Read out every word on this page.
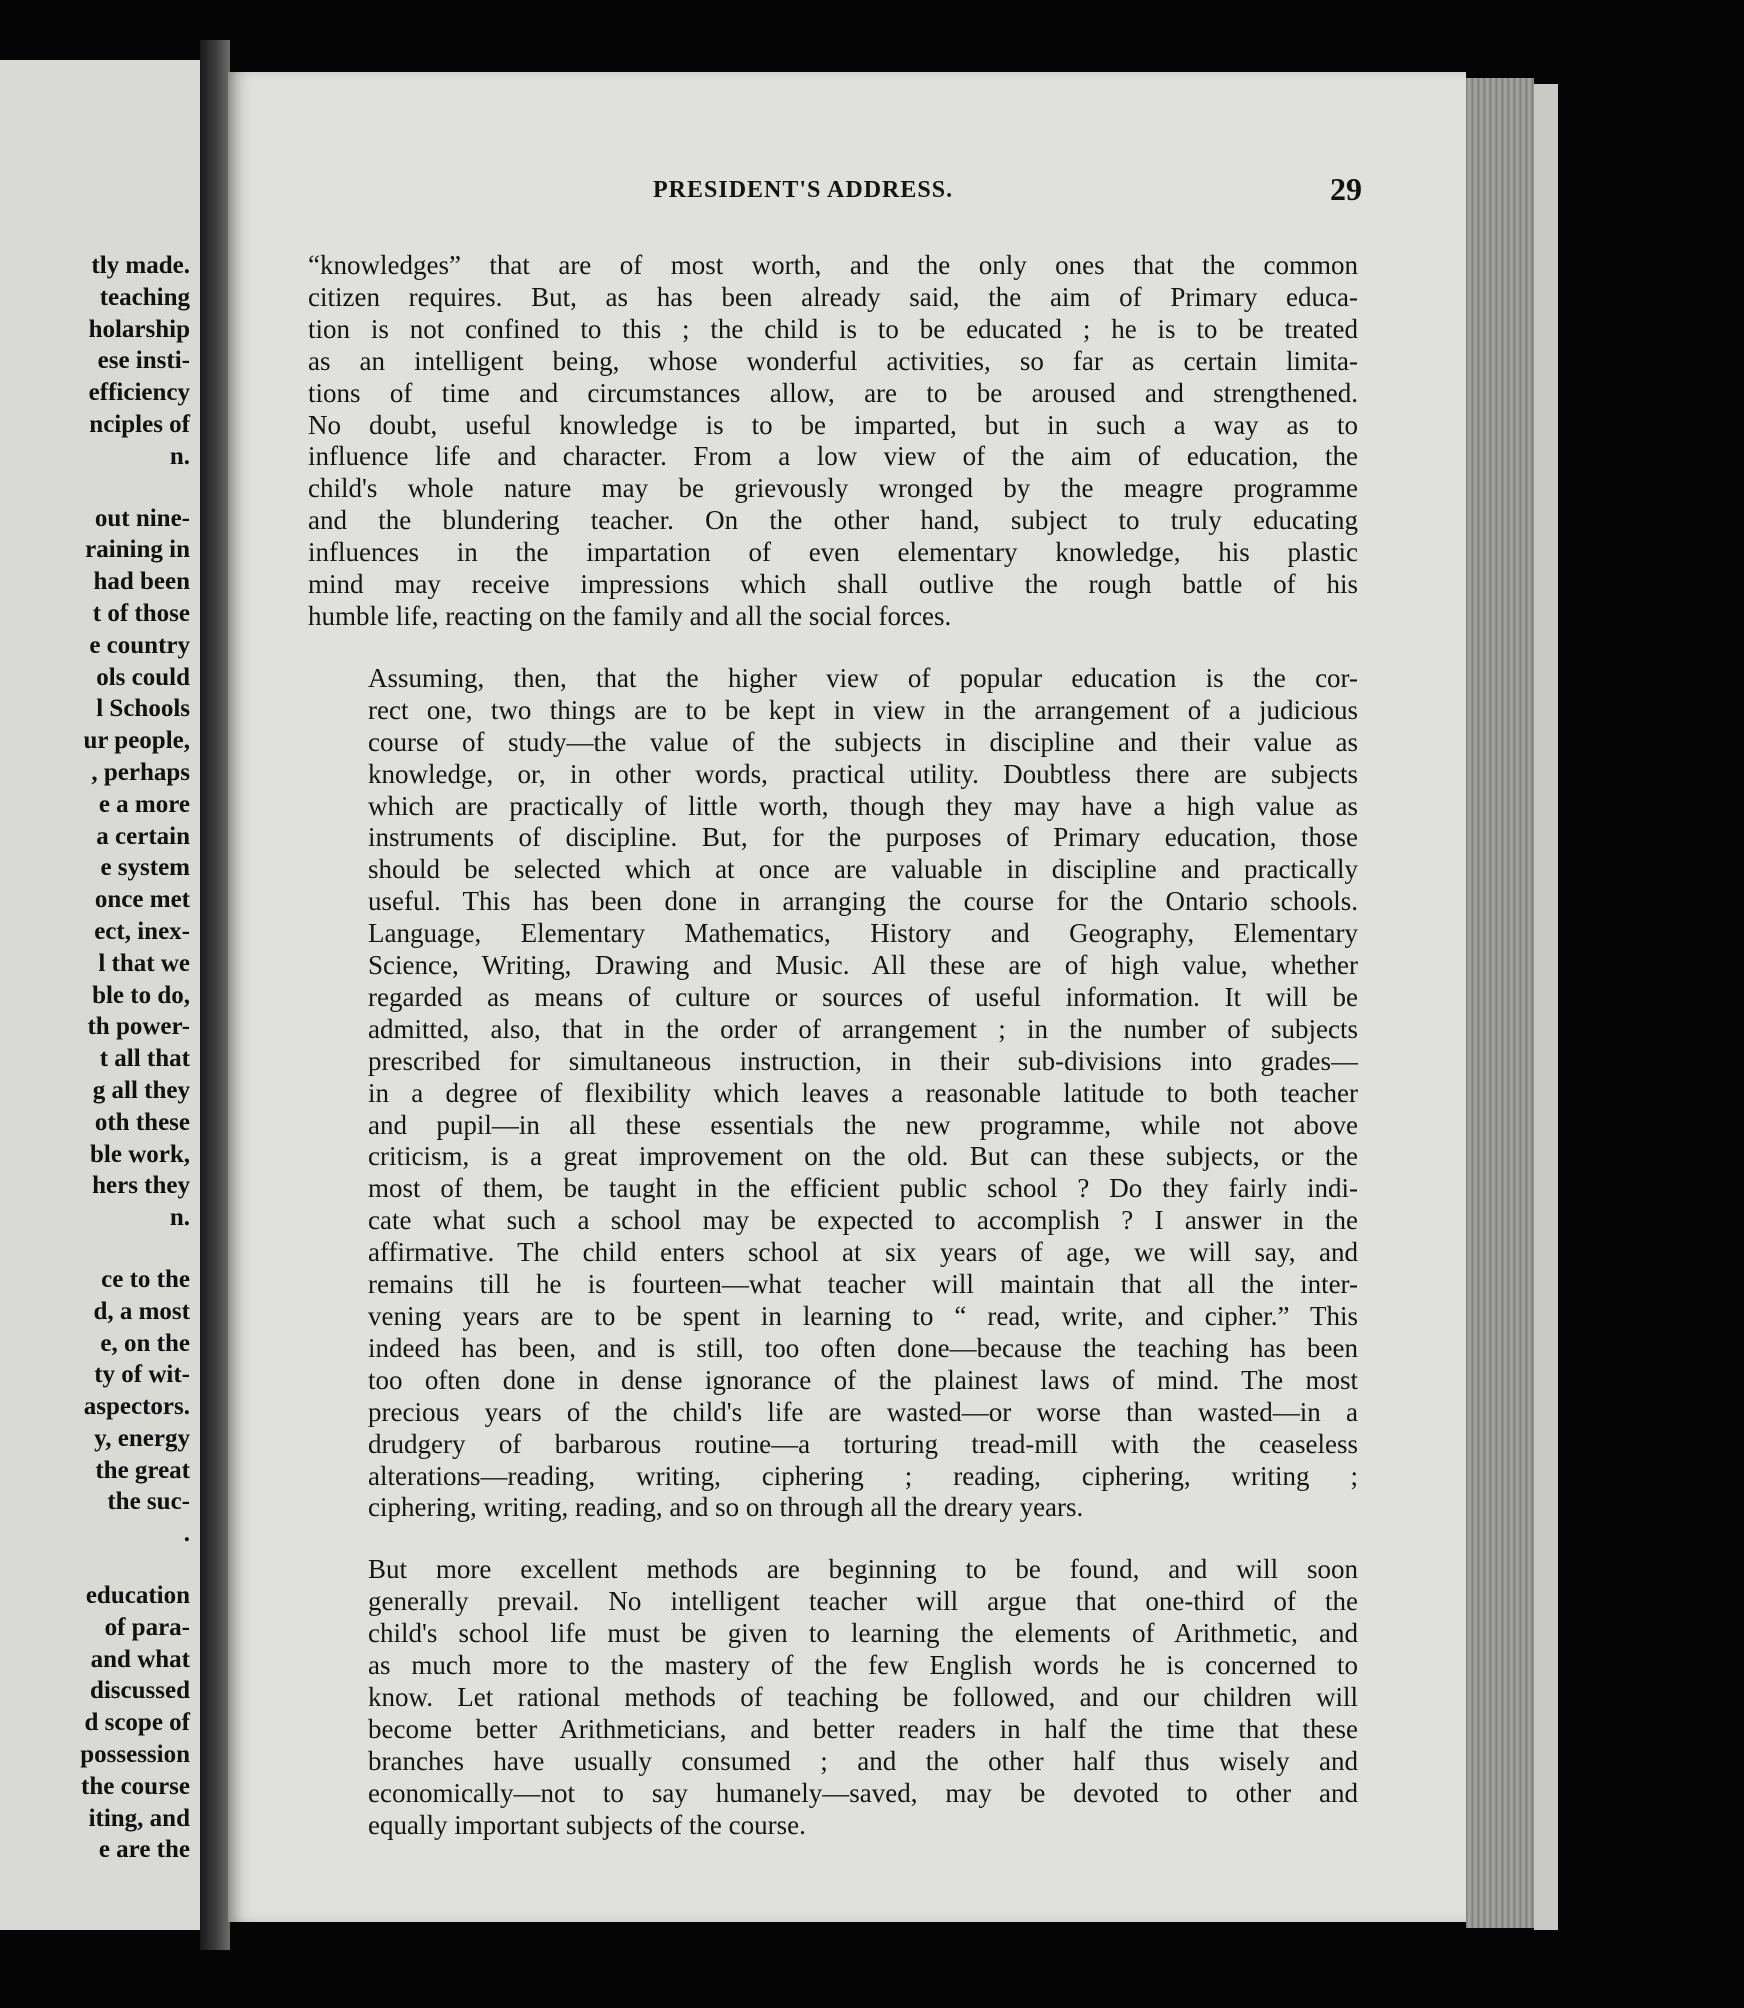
tly made.
teaching
holarship
ese insti-
efficiency
nciples of
n.
out nine-
raining in
had been
t of those
e country
ols could
l Schools
ur people,
, perhaps
e a more
a certain
e system
once met
ect, inex-
l that we
ble to do,
th power-
t all that
g all they
oth these
ble work,
hers they
n.
ce to the
d, a most
e, on the
ty of wit-
aspectors.
y, energy
the great
the suc-
.
education
of para-
and what
discussed
d scope of
possession
the course
iting, and
e are the
PRESIDENT'S ADDRESS.	29
“knowledges” that are of most worth, and the only ones that the common
citizen requires. But, as has been already said, the aim of Primary educa-
tion is not confined to this ; the child is to be educated ; he is to be treated
as an intelligent being, whose wonderful activities, so far as certain limita-
tions of time and circumstances allow, are to be aroused and strengthened.
No doubt, useful knowledge is to be imparted, but in such a way as to
influence life and character. From a low view of the aim of education, the
child's whole nature may be grievously wronged by the meagre programme
and the blundering teacher. On the other hand, subject to truly educating
influences in the impartation of even elementary knowledge, his plastic
mind may receive impressions which shall outlive the rough battle of his
humble life, reacting on the family and all the social forces.
Assuming, then, that the higher view of popular education is the cor-
rect one, two things are to be kept in view in the arrangement of a judicious
course of study—the value of the subjects in discipline and their value as
knowledge, or, in other words, practical utility. Doubtless there are subjects
which are practically of little worth, though they may have a high value as
instruments of discipline. But, for the purposes of Primary education, those
should be selected which at once are valuable in discipline and practically
useful. This has been done in arranging the course for the Ontario schools.
Language, Elementary Mathematics, History and Geography, Elementary
Science, Writing, Drawing and Music. All these are of high value, whether
regarded as means of culture or sources of useful information. It will be
admitted, also, that in the order of arrangement ; in the number of subjects
prescribed for simultaneous instruction, in their sub-divisions into grades—
in a degree of flexibility which leaves a reasonable latitude to both teacher
and pupil—in all these essentials the new programme, while not above
criticism, is a great improvement on the old. But can these subjects, or the
most of them, be taught in the efficient public school ? Do they fairly indi-
cate what such a school may be expected to accomplish ? I answer in the
affirmative. The child enters school at six years of age, we will say, and
remains till he is fourteen—what teacher will maintain that all the inter-
vening years are to be spent in learning to “ read, write, and cipher.” This
indeed has been, and is still, too often done—because the teaching has been
too often done in dense ignorance of the plainest laws of mind. The most
precious years of the child's life are wasted—or worse than wasted—in a
drudgery of barbarous routine—a torturing tread-mill with the ceaseless
alterations—reading, writing, ciphering ; reading, ciphering, writing ;
ciphering, writing, reading, and so on through all the dreary years.
But more excellent methods are beginning to be found, and will soon
generally prevail. No intelligent teacher will argue that one-third of the
child's school life must be given to learning the elements of Arithmetic, and
as much more to the mastery of the few English words he is concerned to
know. Let rational methods of teaching be followed, and our children will
become better Arithmeticians, and better readers in half the time that these
branches have usually consumed ; and the other half thus wisely and
economically—not to say humanely—saved, may be devoted to other and
equally important subjects of the course.
